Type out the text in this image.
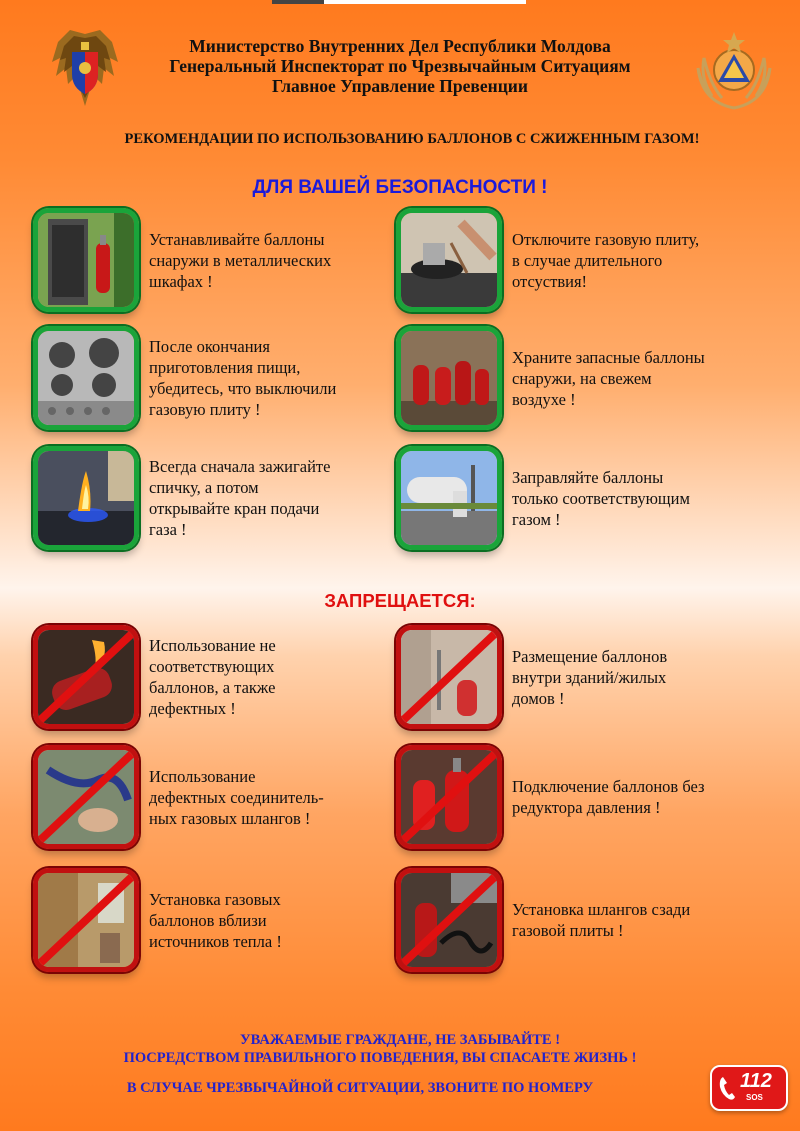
Министерство Внутренних Дел Республики Молдова
Генеральный Инспекторат по Чрезвычайным Ситуациям
Главное Управление Превенции
РЕКОМЕНДАЦИИ ПО ИСПОЛЬЗОВАНИЮ БАЛЛОНОВ С СЖИЖЕННЫМ ГАЗОМ!
ДЛЯ ВАШЕЙ БЕЗОПАСНОСТИ !
Устанавливайте баллоны
снаружи в металлических
шкафах !
Отключите газовую плиту,
в случае длительного
отсуствия!
После окончания
приготовления пищи,
убедитесь, что выключили
газовую плиту !
Храните запасные баллоны
снаружи, на свежем
воздухе !
Всегда сначала зажигайте
спичку, а потом
открывайте кран подачи
газа !
Заправляйте баллоны
только соответствующим
газом !
ЗАПРЕЩАЕТСЯ:
Использование не
соответствующих
баллонов, а также
дефектных !
Размещение баллонов
внутри зданий/жилых
домов !
Использование
дефектных соединитель-
ных газовых шлангов !
Подключение баллонов без
редуктора давления !
Установка газовых
баллонов вблизи
источников тепла !
Установка шлангов сзади
газовой плиты !
УВАЖАЕМЫЕ ГРАЖДАНЕ, НЕ ЗАБЫВАЙТЕ !
ПОСРЕДСТВОМ ПРАВИЛЬНОГО ПОВЕДЕНИЯ, ВЫ СПАСАЕТЕ ЖИЗНЬ !
В СЛУЧАЕ ЧРЕЗВЫЧАЙНОЙ СИТУАЦИИ, ЗВОНИТЕ ПО НОМЕРУ	112
SOS
